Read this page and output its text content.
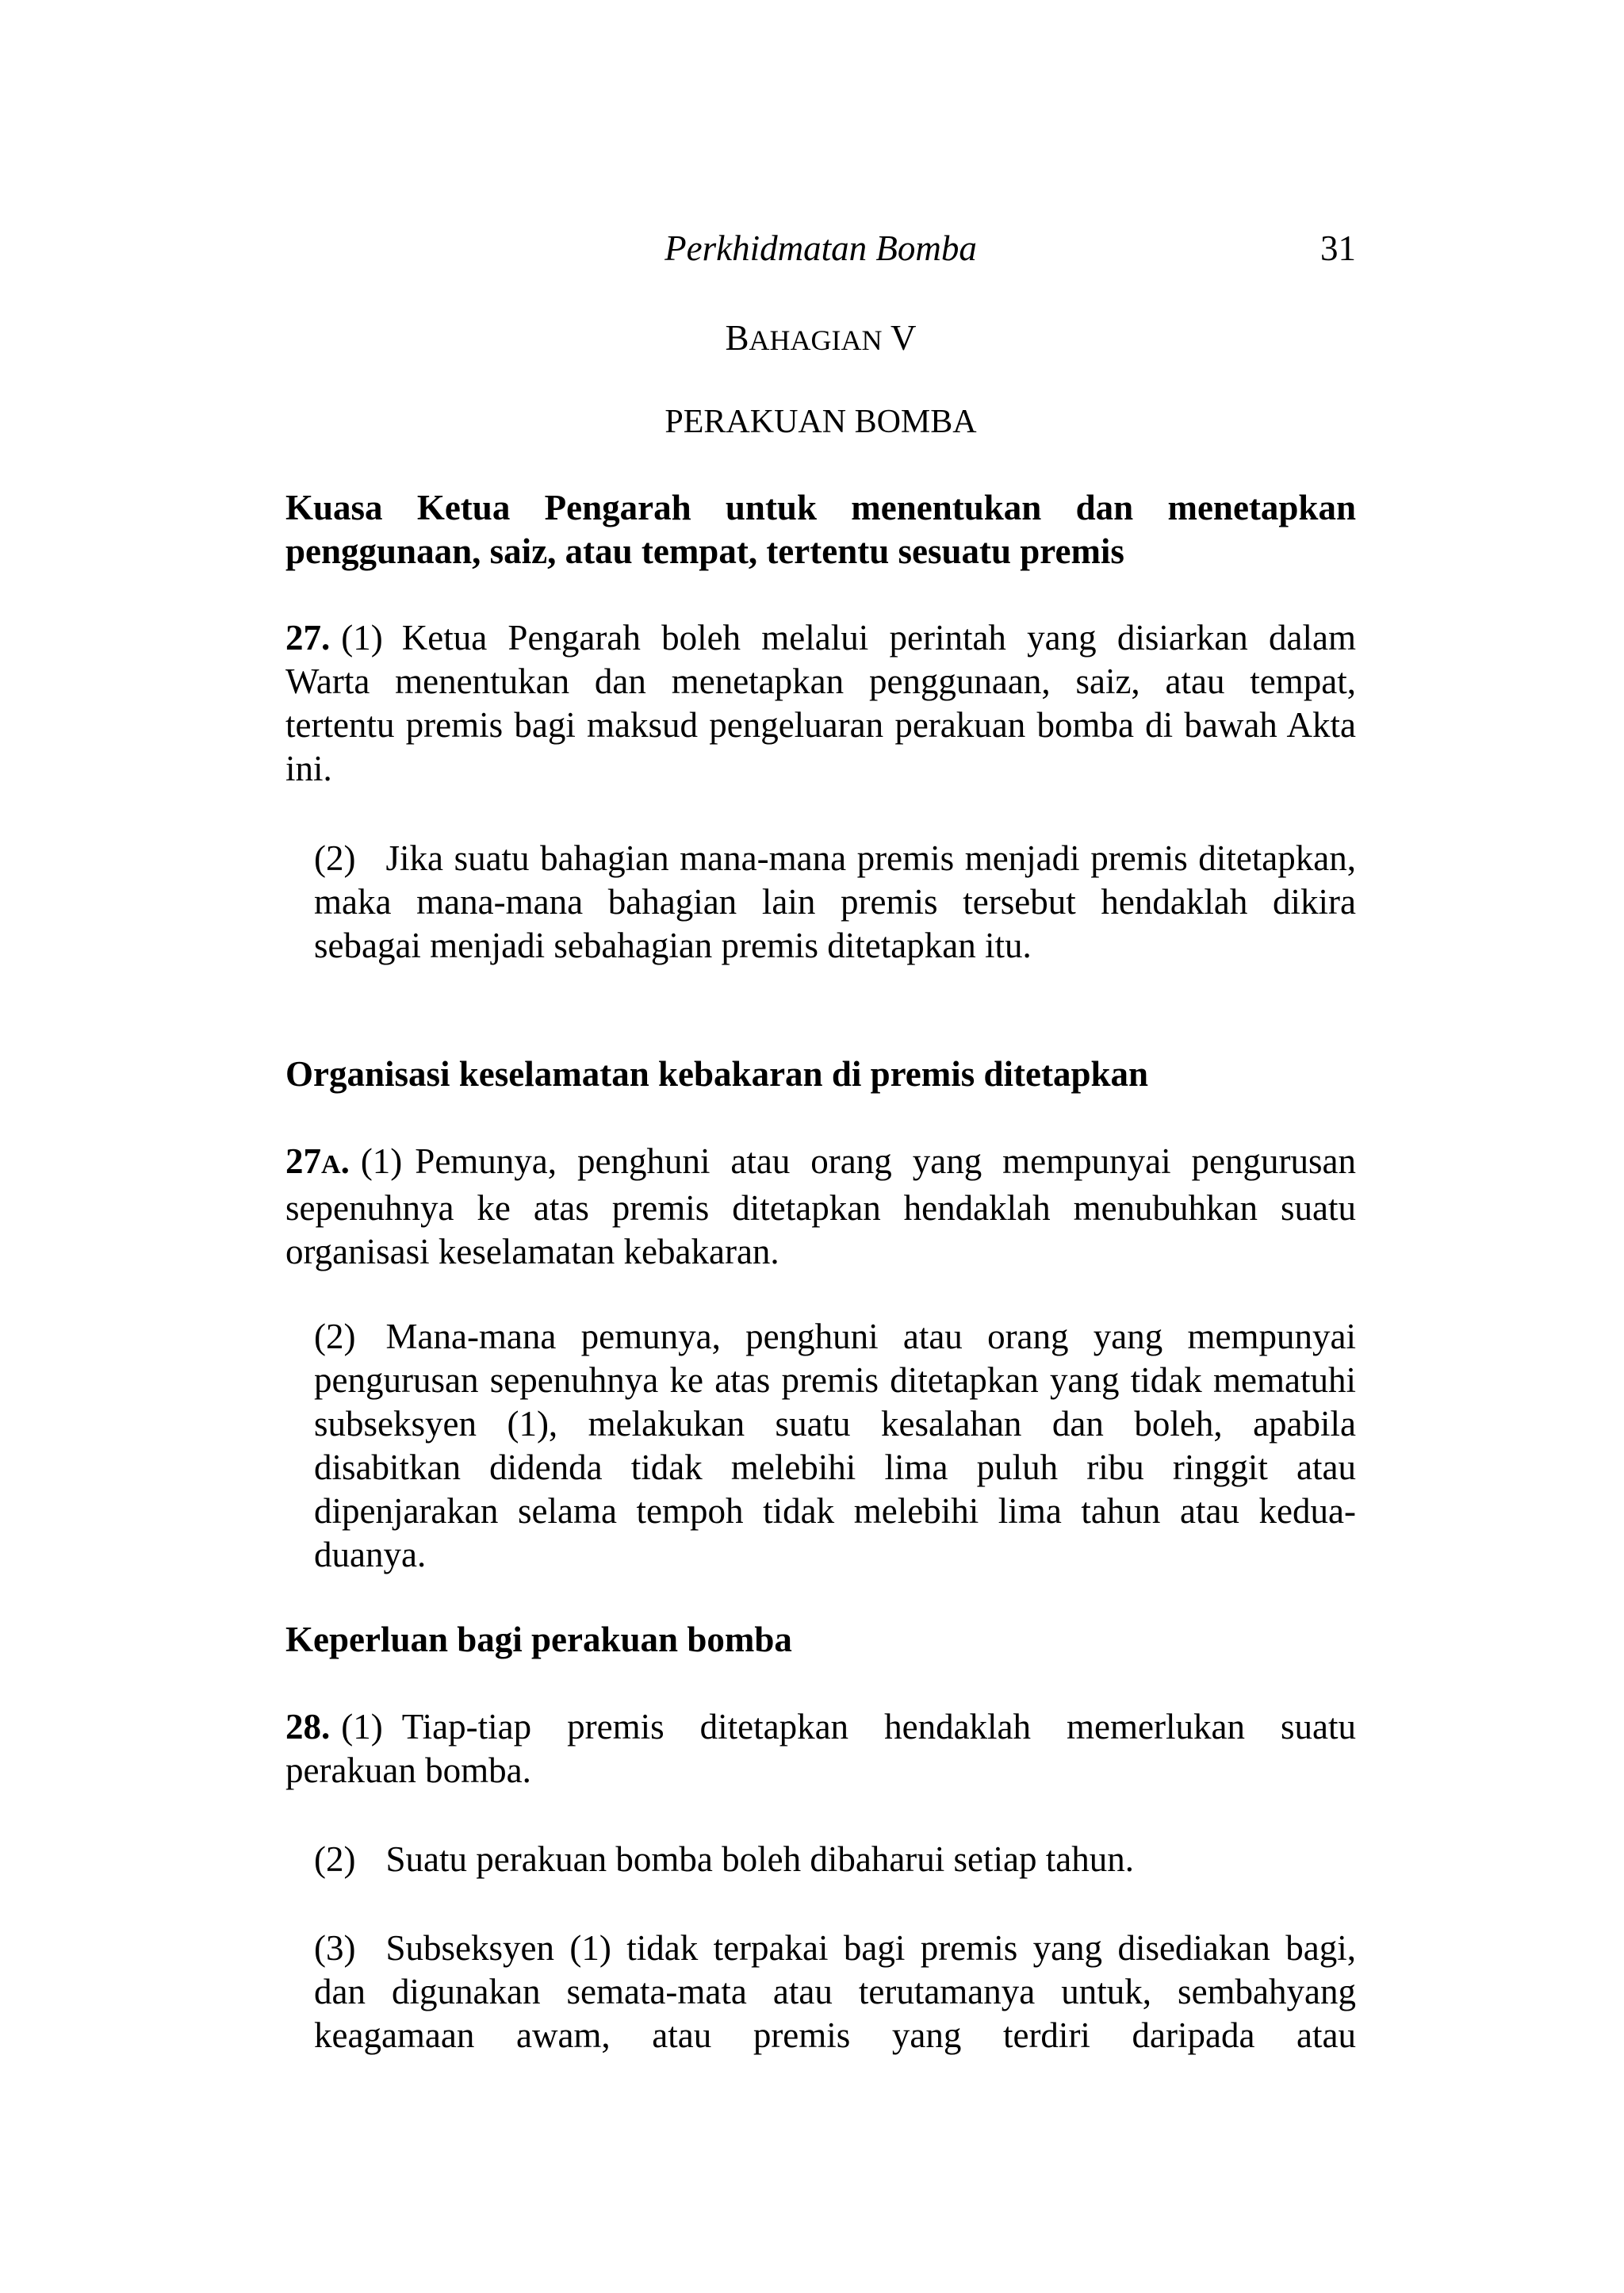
Perkhidmatan Bomba	31
BAHAGIAN V
PERAKUAN BOMBA
Kuasa Ketua Pengarah untuk menentukan dan menetapkan penggunaan, saiz, atau tempat, tertentu sesuatu premis
27. (1) Ketua Pengarah boleh melalui perintah yang disiarkan dalam Warta menentukan dan menetapkan penggunaan, saiz, atau tempat, tertentu premis bagi maksud pengeluaran perakuan bomba di bawah Akta ini.
(2) Jika suatu bahagian mana-mana premis menjadi premis ditetapkan, maka mana-mana bahagian lain premis tersebut hendaklah dikira sebagai menjadi sebahagian premis ditetapkan itu.
Organisasi keselamatan kebakaran di premis ditetapkan
27A. (1) Pemunya, penghuni atau orang yang mempunyai pengurusan sepenuhnya ke atas premis ditetapkan hendaklah menubuhkan suatu organisasi keselamatan kebakaran.
(2) Mana-mana pemunya, penghuni atau orang yang mempunyai pengurusan sepenuhnya ke atas premis ditetapkan yang tidak mematuhi subseksyen (1), melakukan suatu kesalahan dan boleh, apabila disabitkan didenda tidak melebihi lima puluh ribu ringgit atau dipenjarakan selama tempoh tidak melebihi lima tahun atau kedua-duanya.
Keperluan bagi perakuan bomba
28. (1) Tiap-tiap premis ditetapkan hendaklah memerlukan suatu perakuan bomba.
(2) Suatu perakuan bomba boleh dibaharui setiap tahun.
(3) Subseksyen (1) tidak terpakai bagi premis yang disediakan bagi, dan digunakan semata-mata atau terutamanya untuk, sembahyang keagamaan awam, atau premis yang terdiri daripada atau
